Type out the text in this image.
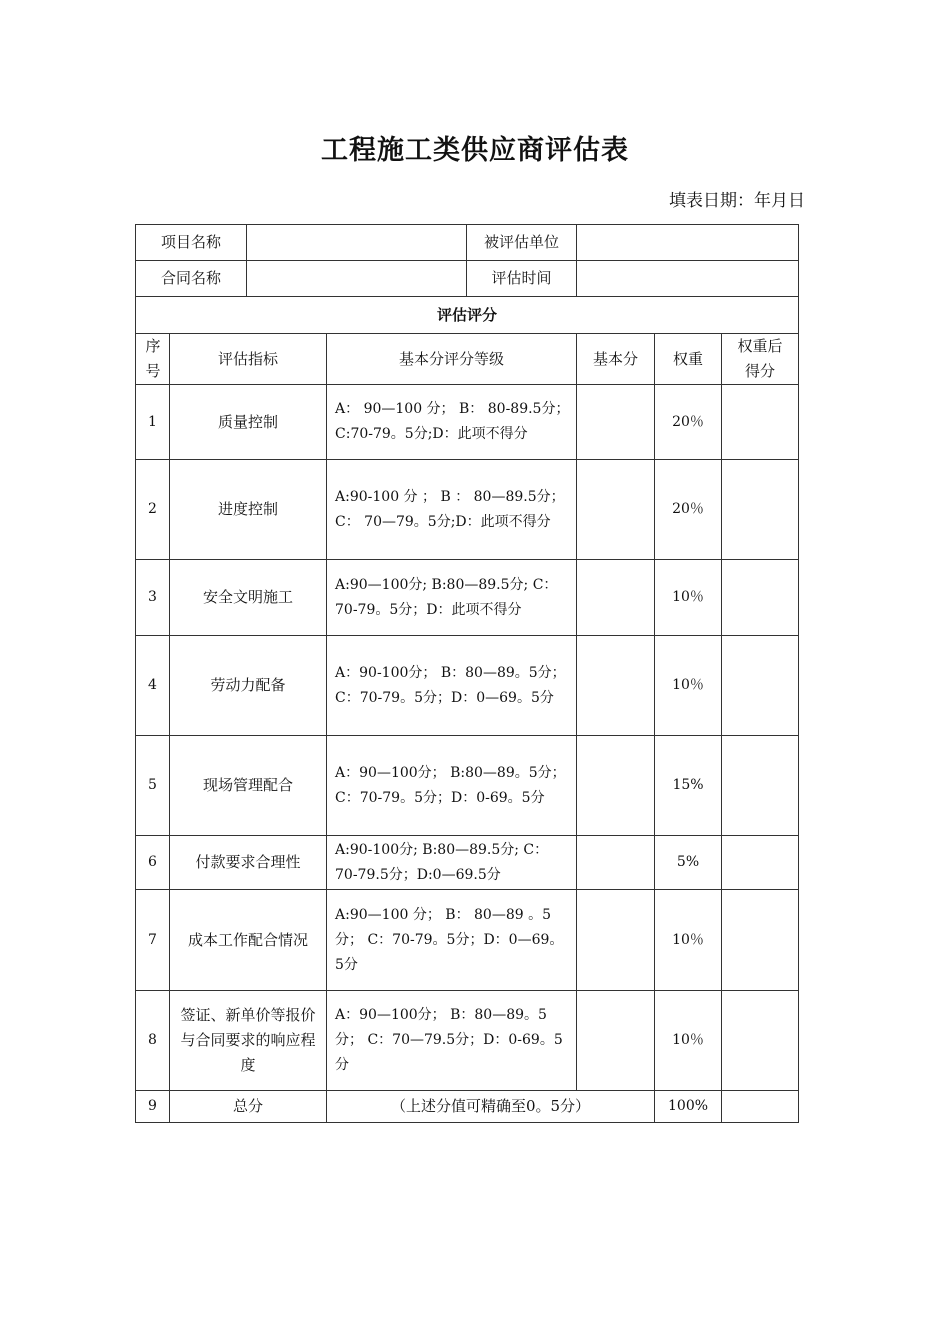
工程施工类供应商评估表
填表日期：年月日
项目名称				被评估单位			
合同名称				评估时间			
评估评分							

序号	评估指标		基本分评分等级		基本分	权重	权重后得分

1	质量控制		A： 90—100 分； B： 80-89.5分； C:70-79。5分;D：此项不得分			20％	
2	进度控制		A:90-100 分 ； B ： 80—89.5分； C： 70—79。5分;D：此项不得分			20％	
3	安全文明施工		A:90—100分; B:80—89.5分; C：70-79。5分；D：此项不得分			10％	
4	劳动力配备		A：90-100分； B：80—89。5分； C：70-79。5分；D：0—69。5分			10％	
5	现场管理配合		A：90—100分； B:80—89。5分； C：70-79。5分；D：0-69。5分			15%	
6	付款要求合理性		A:90-100分; B:80—89.5分; C：70-79.5分；D:0—69.5分			5%	
7	成本工作配合情况		A:90—100 分； B： 80—89 。5分； C：70-79。5分；D：0—69。5分			10％	
8	签证、新单价等报价与合同要求的响应程度		A：90—100分； B：80—89。5分； C：70—79.5分；D：0-69。5分			10％	
9	总分		（上述分值可精确至0。5分）			100%	
